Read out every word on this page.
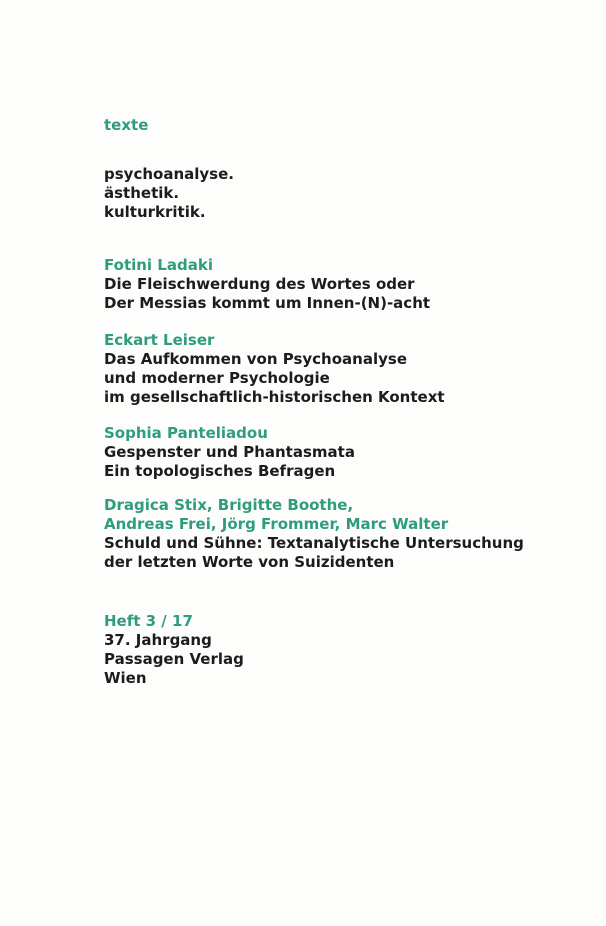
texte
psychoanalyse.
ästhetik.
kulturkritik.
Fotini Ladaki
Die Fleischwerdung des Wortes oder
Der Messias kommt um Innen-(N)-acht
Eckart Leiser
Das Aufkommen von Psychoanalyse
und moderner Psychologie
im gesellschaftlich-historischen Kontext
Sophia Panteliadou
Gespenster und Phantasmata
Ein topologisches Befragen
Dragica Stix, Brigitte Boothe,
Andreas Frei, Jörg Frommer, Marc Walter
Schuld und Sühne: Textanalytische Untersuchung
der letzten Worte von Suizidenten
Heft 3 / 17
37. Jahrgang
Passagen Verlag
Wien
